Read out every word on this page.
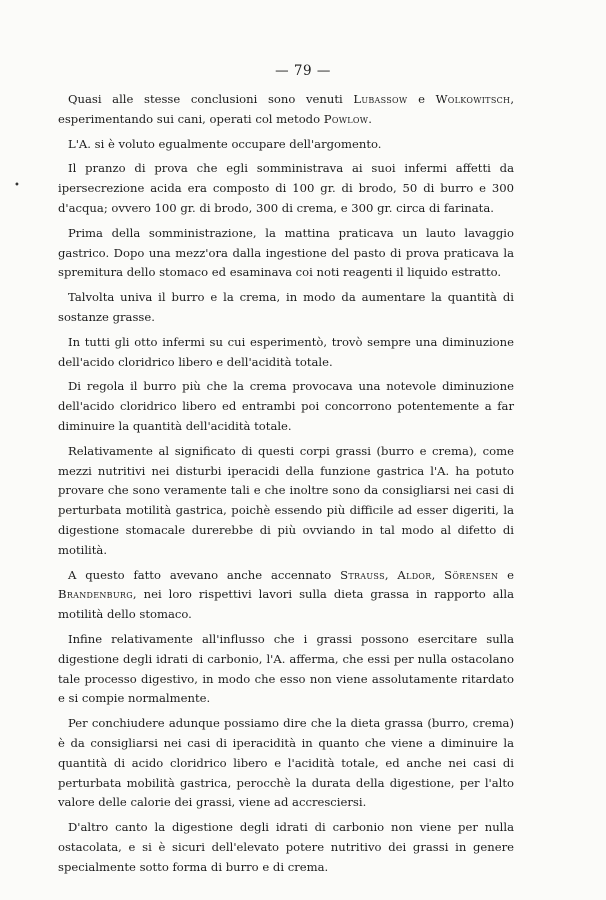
— 79 —
•

Quasi alle stesse conclusioni sono venuti Lubassow e Wolkowitsch, esperimentando sui cani, operati col metodo Powlow.

L'A. si è voluto egualmente occupare dell'argomento.

Il pranzo di prova che egli somministrava ai suoi infermi affetti da ipersecrezione acida era composto di 100 gr. di brodo, 50 di burro e 300 d'acqua; ovvero 100 gr. di brodo, 300 di crema, e 300 gr. circa di farinata.

Prima della somministrazione, la mattina praticava un lauto lavaggio gastrico. Dopo una mezz'ora dalla ingestione del pasto di prova praticava la spremitura dello stomaco ed esaminava coi noti reagenti il liquido estratto.

Talvolta univa il burro e la crema, in modo da aumentare la quantità di sostanze grasse.

In tutti gli otto infermi su cui esperimentò, trovò sempre una diminuzione dell'acido cloridrico libero e dell'acidità totale.

Di regola il burro più che la crema provocava una notevole diminuzione dell'acido cloridrico libero ed entrambi poi concorrono potentemente a far diminuire la quantità dell'acidità totale.

Relativamente al significato di questi corpi grassi (burro e crema), come mezzi nutritivi nei disturbi iperacidi della funzione gastrica l'A. ha potuto provare che sono veramente tali e che inoltre sono da consigliarsi nei casi di perturbata motilità gastrica, poichè essendo più difficile ad esser digeriti, la digestione stomacale durerebbe di più ovviando in tal modo al difetto di motilità.

A questo fatto avevano anche accennato Strauss, Aldor, Sörensen e Brandenburg, nei loro rispettivi lavori sulla dieta grassa in rapporto alla motilità dello stomaco.

Infine relativamente all'influsso che i grassi possono esercitare sulla digestione degli idrati di carbonio, l'A. afferma, che essi per nulla ostacolano tale processo digestivo, in modo che esso non viene assolutamente ritardato e si compie normalmente.

Per conchiudere adunque possiamo dire che la dieta grassa (burro, crema) è da consigliarsi nei casi di iperacidità in quanto che viene a diminuire la quantità di acido cloridrico libero e l'acidità totale, ed anche nei casi di perturbata mobilità gastrica, perocchè la durata della digestione, per l'alto valore delle calorie dei grassi, viene ad accresciersi.

D'altro canto la digestione degli idrati di carbonio non viene per nulla ostacolata, e si è sicuri dell'elevato potere nutritivo dei grassi in genere specialmente sotto forma di burro e di crema.
